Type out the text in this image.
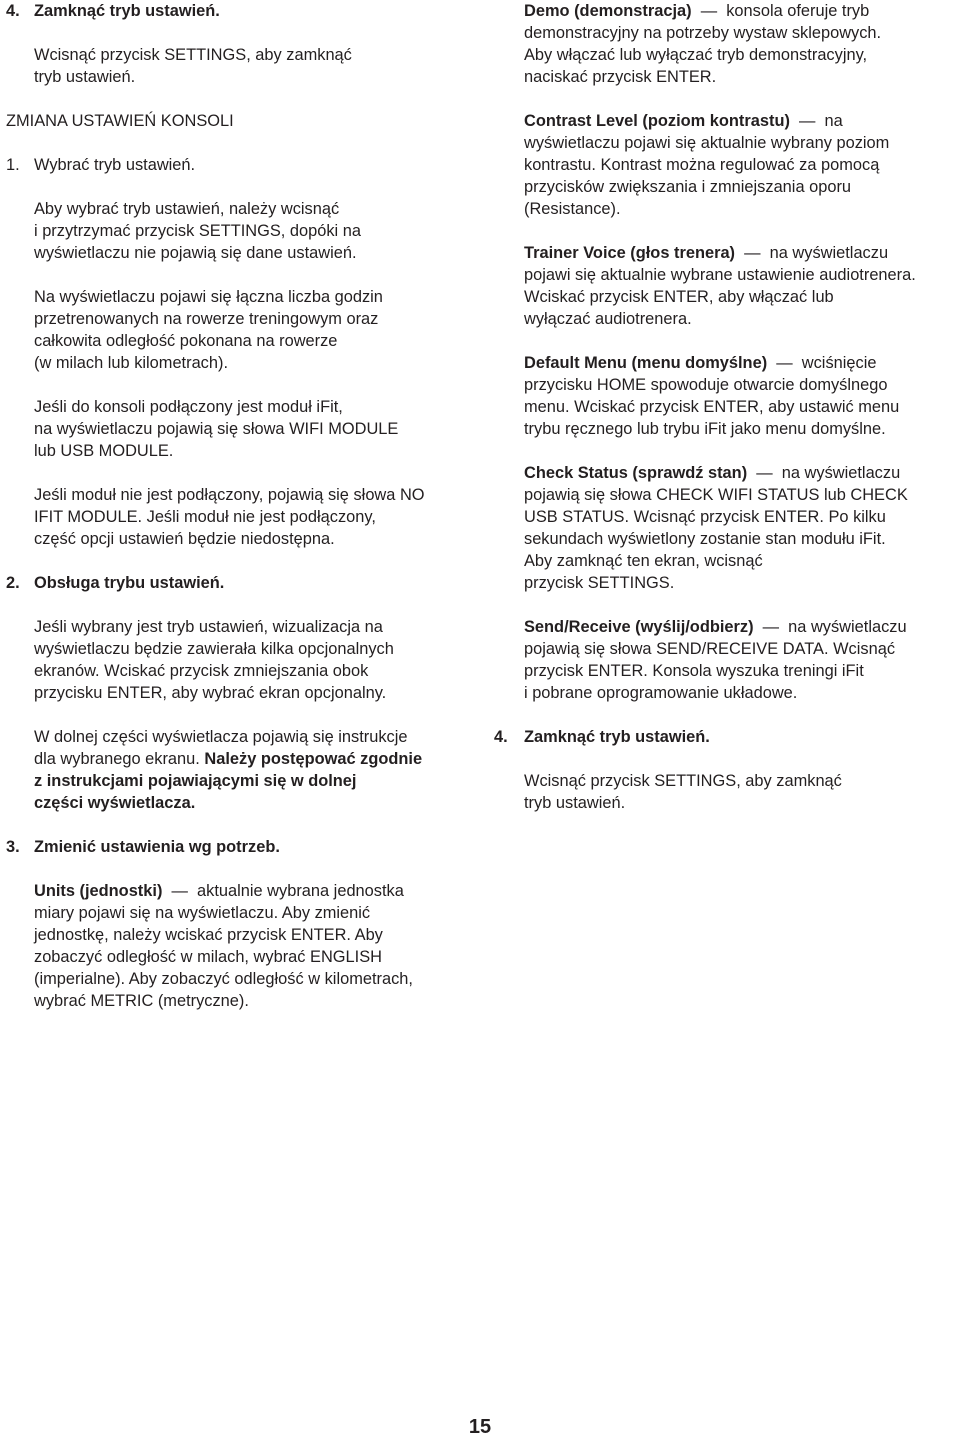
4. Zamknąć tryb ustawień.

Wcisnąć przycisk SETTINGS, aby zamknąć

tryb ustawień.

ZMIANA USTAWIEŃ KONSOLI

1. Wybrać tryb ustawień.

Aby wybrać tryb ustawień, należy wcisnąć

i przytrzymać przycisk SETTINGS, dopóki na

wyświetlaczu nie pojawią się dane ustawień.

Na wyświetlaczu pojawi się łączna liczba godzin

przetrenowanych na rowerze treningowym oraz

całkowita odległość pokonana na rowerze

(w milach lub kilometrach).

Jeśli do konsoli podłączony jest moduł iFit,

na wyświetlaczu pojawią się słowa WIFI MODULE

lub USB MODULE.

Jeśli moduł nie jest podłączony, pojawią się słowa NO

IFIT MODULE. Jeśli moduł nie jest podłączony,

część opcji ustawień będzie niedostępna.

2. Obsługa trybu ustawień.

Jeśli wybrany jest tryb ustawień, wizualizacja na

wyświetlaczu będzie zawierała kilka opcjonalnych

ekranów. Wciskać przycisk zmniejszania obok

przycisku ENTER, aby wybrać ekran opcjonalny.

W dolnej części wyświetlacza pojawią się instrukcje

dla wybranego ekranu. Należy postępować zgodnie

z instrukcjami pojawiającymi się w dolnej

części wyświetlacza.

3. Zmienić ustawienia wg potrzeb.

Units (jednostki)  —  aktualnie wybrana jednostka

miary pojawi się na wyświetlaczu. Aby zmienić

jednostkę, należy wciskać przycisk ENTER. Aby

zobaczyć odległość w milach, wybrać ENGLISH

(imperialne). Aby zobaczyć odległość w kilometrach,

wybrać METRIC (metryczne).

Demo (demonstracja)  —  konsola oferuje tryb

demonstracyjny na potrzeby wystaw sklepowych.

Aby włączać lub wyłączać tryb demonstracyjny,

naciskać przycisk ENTER.

Contrast Level (poziom kontrastu)  —  na

wyświetlaczu pojawi się aktualnie wybrany poziom

kontrastu. Kontrast można regulować za pomocą

przycisków zwiększania i zmniejszania oporu

(Resistance).

Trainer Voice (głos trenera)  —  na wyświetlaczu

pojawi się aktualnie wybrane ustawienie audiotrenera.

Wciskać przycisk ENTER, aby włączać lub

wyłączać audiotrenera.

Default Menu (menu domyślne)  —  wciśnięcie

przycisku HOME spowoduje otwarcie domyślnego

menu. Wciskać przycisk ENTER, aby ustawić menu

trybu ręcznego lub trybu iFit jako menu domyślne.

Check Status (sprawdź stan)  —  na wyświetlaczu

pojawią się słowa CHECK WIFI STATUS lub CHECK

USB STATUS. Wcisnąć przycisk ENTER. Po kilku

sekundach wyświetlony zostanie stan modułu iFit.

Aby zamknąć ten ekran, wcisnąć

przycisk SETTINGS.

Send/Receive (wyślij/odbierz)  —  na wyświetlaczu

pojawią się słowa SEND/RECEIVE DATA. Wcisnąć

przycisk ENTER. Konsola wyszuka treningi iFit

i pobrane oprogramowanie układowe.

4. Zamknąć tryb ustawień.

Wcisnąć przycisk SETTINGS, aby zamknąć

tryb ustawień.

15
